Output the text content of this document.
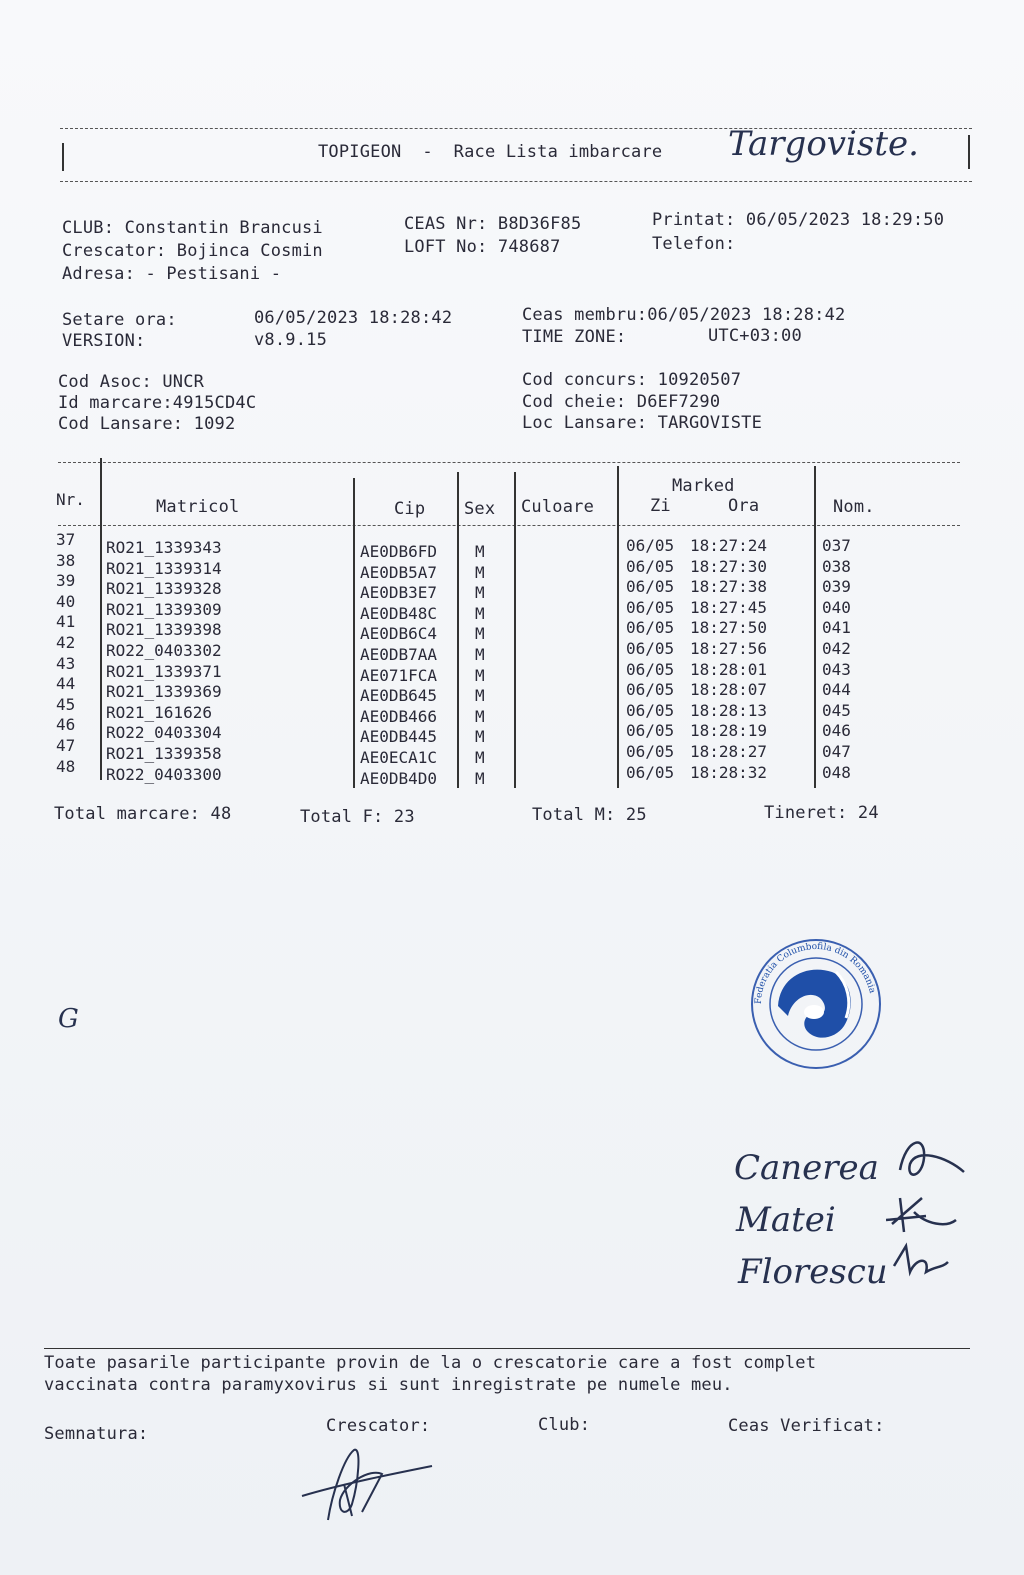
TOPIGEON  -  Race Lista imbarcare Targoviste.
CLUB: Constantin Brancusi
Crescator: Bojinca Cosmin
Adresa: - Pestisani -
CEAS Nr: B8D36F85
LOFT No: 748687
Printat: 06/05/2023 18:29:50
Telefon:
Setare ora:	06/05/2023 18:28:42
VERSION:	v8.9.15
Ceas membru:06/05/2023 18:28:42
TIME ZONE:	UTC+03:00
Cod Asoc: UNCR
Id marcare:4915CD4C
Cod Lansare: 1092
Cod concurs: 10920507
Cod cheie: D6EF7290
Loc Lansare: TARGOVISTE
Nr.	Matricol	Cip Sex Culoare
Marked
Zi	Ora	Nom.
37 RO21_1339343	AE0DB6FD M	06/05 18:27:24	037
38 RO21_1339314	AE0DB5A7 M	06/05 18:27:30	038
39 RO21_1339328	AE0DB3E7 M	06/05 18:27:38	039
40 RO21_1339309	AE0DB48C M	06/05 18:27:45	040
41 RO21_1339398	AE0DB6C4 M	06/05 18:27:50	041
42 RO22_0403302	AE0DB7AA M	06/05 18:27:56	042
43 RO21_1339371	AE071FCA M	06/05 18:28:01	043
44 RO21_1339369	AE0DB645 M	06/05 18:28:07	044
45 RO21_161626	AE0DB466 M	06/05 18:28:13	045
46 RO22_0403304	AE0DB445 M	06/05 18:28:19	046
47 RO21_1339358	AE0ECA1C M	06/05 18:28:27	047
48 RO22_0403300	AE0DB4D0 M	06/05 18:28:32	048
Total marcare: 48	Total F: 23	Total M: 25	Tineret: 24
G
Federatia Columbofila din Romania
Canerea
Matei
Florescu
Toate pasarile participante provin de la o crescatorie care a fost complet
vaccinata contra paramyxovirus si sunt inregistrate pe numele meu.
Semnatura:	Crescator:	Club:	Ceas Verificat:
